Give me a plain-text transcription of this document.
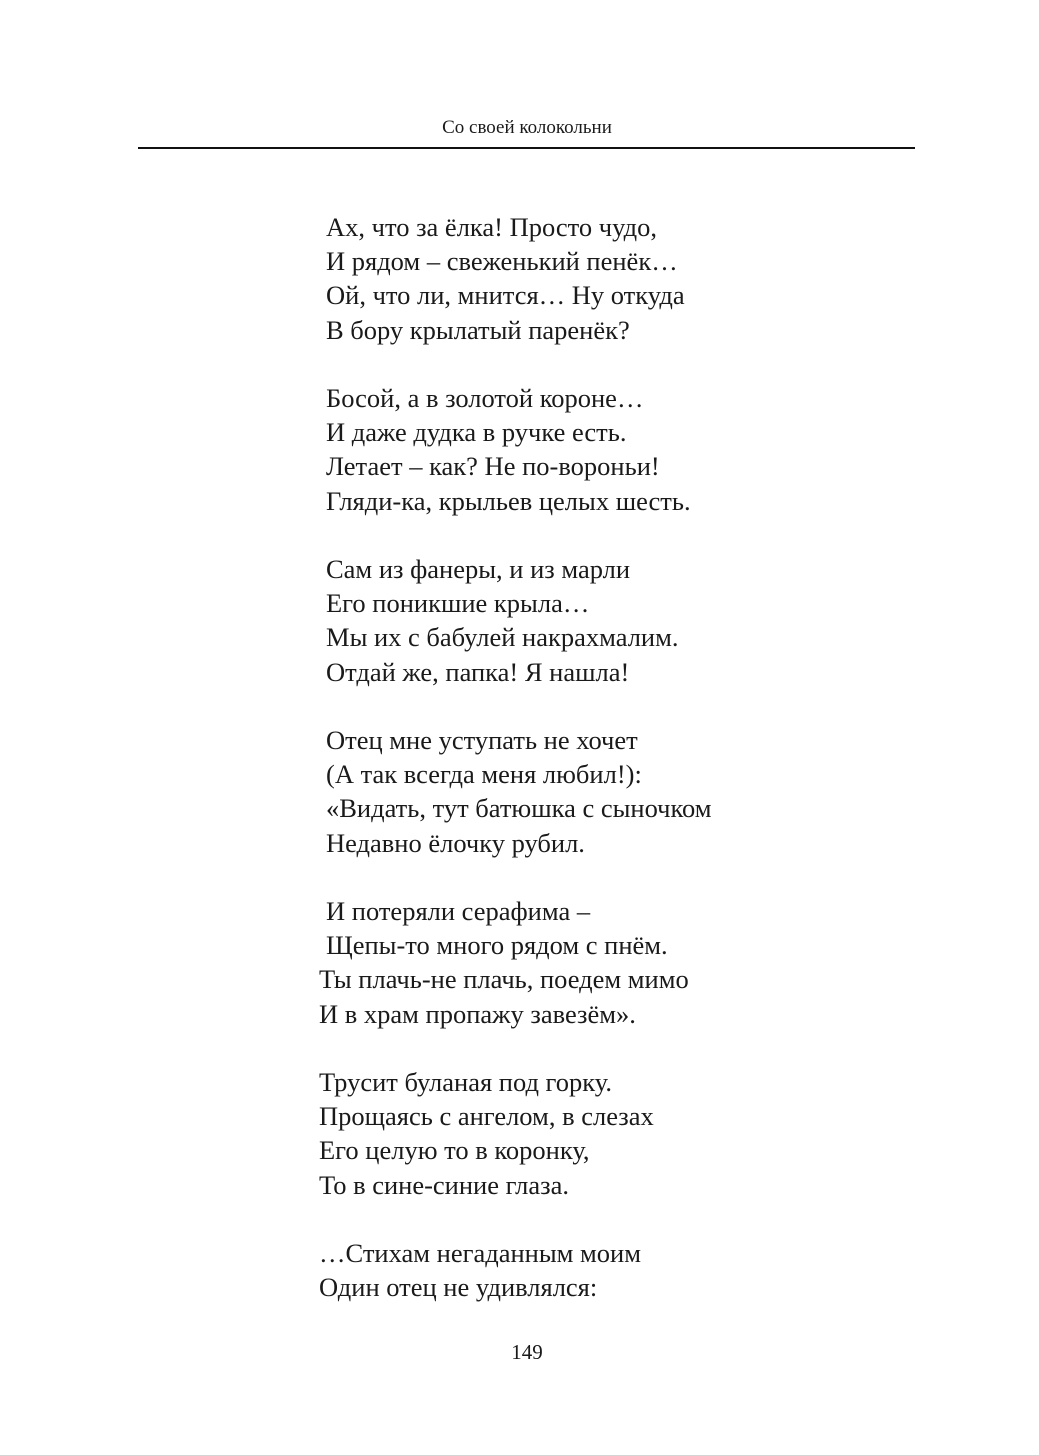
Со своей колокольни
Ах, что за ёлка! Просто чудо,
И рядом – свеженький пенёк…
Ой, что ли, мнится… Ну откуда
В бору крылатый паренёк?
Босой, а в золотой короне…
И даже дудка в ручке есть.
Летает – как? Не по-вороньи!
Гляди-ка, крыльев целых шесть.
Сам из фанеры, и из марли
Его поникшие крыла…
Мы их с бабулей накрахмалим.
Отдай же, папка! Я нашла!
Отец мне уступать не хочет
(А так всегда меня любил!):
«Видать, тут батюшка с сыночком
Недавно ёлочку рубил.
И потеряли серафима –
Щепы-то много рядом с пнём.
Ты плачь-не плачь, поедем мимо
И в храм пропажу завезём».
Трусит буланая под горку.
Прощаясь с ангелом, в слезах
Его целую то в коронку,
То в сине-синие глаза.
…Стихам негаданным моим
Один отец не удивлялся:
149
